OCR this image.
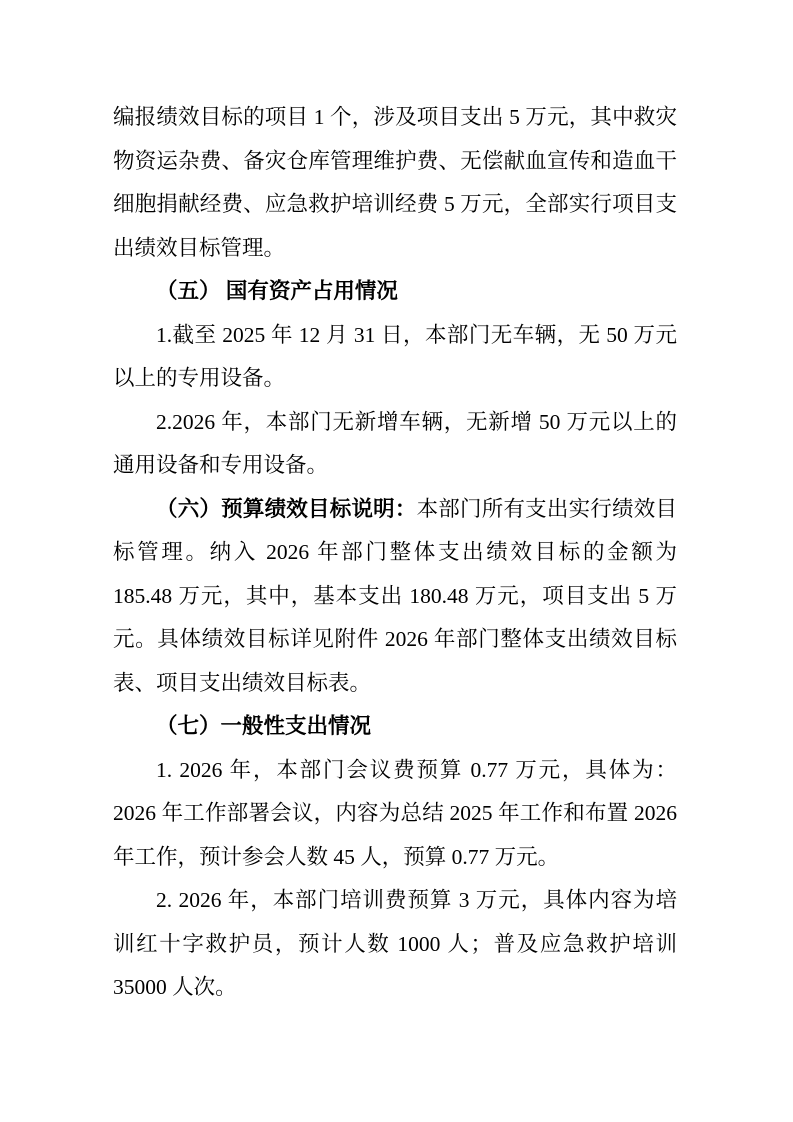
编报绩效目标的项目 1 个，涉及项目支出 5 万元，其中救灾物资运杂费、备灾仓库管理维护费、无偿献血宣传和造血干细胞捐献经费、应急救护培训经费 5 万元，全部实行项目支出绩效目标管理。

（五） 国有资产占用情况

1.截至 2025 年 12 月 31 日，本部门无车辆，无 50 万元以上的专用设备。

2.2026 年，本部门无新增车辆，无新增 50 万元以上的通用设备和专用设备。

（六）预算绩效目标说明：本部门所有支出实行绩效目标管理。纳入 2026 年部门整体支出绩效目标的金额为 185.48 万元，其中，基本支出 180.48 万元，项目支出 5 万元。具体绩效目标详见附件 2026 年部门整体支出绩效目标表、项目支出绩效目标表。

（七）一般性支出情况

1. 2026 年，本部门会议费预算 0.77 万元，具体为：2026 年工作部署会议，内容为总结 2025 年工作和布置 2026 年工作，预计参会人数 45 人，预算 0.77 万元。

2. 2026 年，本部门培训费预算 3 万元，具体内容为培训红十字救护员，预计人数 1000 人；普及应急救护培训 35000 人次。
